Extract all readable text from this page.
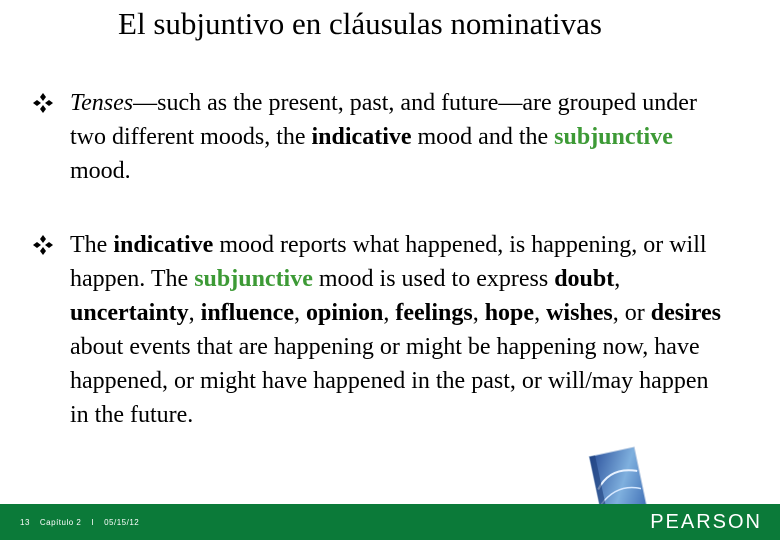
El subjuntivo en cláusulas nominativas
Tenses—such as the present, past, and future—are grouped under two different moods, the indicative mood and the subjunctive mood.
The indicative mood reports what happened, is happening, or will happen. The subjunctive mood is used to express doubt, uncertainty, influence, opinion, feelings, hope, wishes, or desires about events that are happening or might be happening now, have happened, or might have happened in the past, or will/may happen in the future.
13 Capítulo 2 I 05/15/12	PEARSON
